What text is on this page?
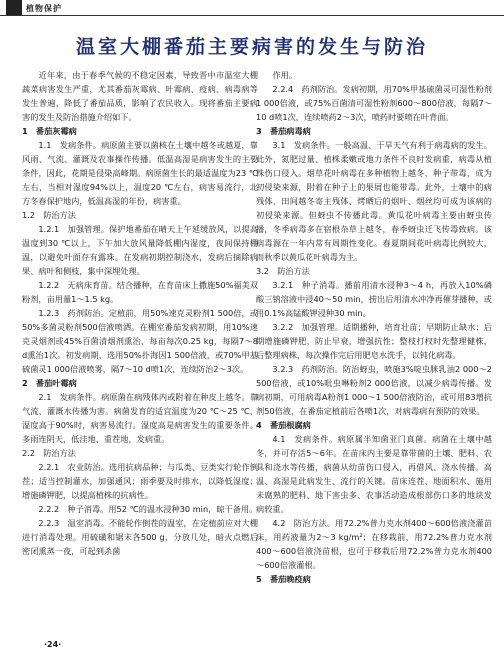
植物保护
温室大棚番茄主要病害的发生与防治

近年来，由于春季气候的不稳定因素，导致晋中市温室大棚蔬菜病害发生严重，尤其番茄灰霉病、叶霉病、疫病、病毒病等发生普遍，降低了番茄品质，影响了农民收入。现将番茄主要病害的发生及防治措施介绍如下。

1　番茄灰霉病

1.1　发病条件。病原菌主要以菌核在土壤中越冬或越夏，靠风雨、气流、灌溉及农事操作传播。低温高湿是病害发生的主要条件，因此，花期是侵染高峰期。病原菌生长的最适温度为23 ℃左右，当相对湿度94%以上，温度20 ℃左右，病害易流行，北方冬春保护地内，低温高湿的年份，病害重。

1.2　防治方法

1.2.1　加强管理。保护地番茄在晴天上午延缓放风，以提高温度到30 ℃以上，下午加大放风量降低棚内湿度，夜间保持棚温，以避免叶面存有露珠。在发病初期控制浇水，发病后摘除病果、病叶和侧枝，集中深埋处理。

1.2.2　无病床育苗。结合播种，在育苗床上撒施50%福美双粉剂，亩用量1～1.5 kg。

1.2.3　药剂防治。定植前，用50%速克灵粉剂1 500倍，或50%多菌灵粉剂500倍液喷洒。在棚室番茄发病初期，用10%速克灵烟剂或45%百菌清烟剂熏治，每亩每次0.25 kg，每隔7～8 d熏治1次。初发病期，选用50%扑海因1 500倍液，或70%甲基硫菌灵1 000倍液喷雾，隔7～10 d喷1次，连续防治2～3次。

2　番茄叶霉病

2.1　发病条件。病原菌在病残体内或附着在种皮上越冬。靠气流、灌溉水传播为害。病菌发育的适宜温度为20 ℃～25 ℃，湿度高于90%时，病害易流行。湿度高是病害发生的重要条件。多雨连阴天，低洼地、重茬地，发病重。

2.2　防治方法

2.2.1　农业防治。选用抗病品种；与瓜类、豆类实行轮作倒茬；适当控制灌水，加强通风；雨季要及时排水，以降低湿度；增施磷钾肥，以提高植株的抗病性。

2.2.2　种子消毒。用52 ℃的温水浸种30 min，晾干备用。

2.2.3　温室消毒。不能轮作倒茬的温室，在定植前应对大棚进行消毒处理。用硫磺和锯末各500 g，分放几处，暗火点燃后密闭熏蒸一夜，可起到杀菌

作用。

2.2.4　药剂防治。发病初期，用70%甲基硫菌灵可湿性粉剂1 000倍液，或75%百菌清可湿性粉剂600～800倍液，每隔7～10 d喷1次，连续喷药2～3次，喷药时要喷在叶背面。

3　番茄病毒病

3.1　发病条件。一般高温、干旱天气有利于病毒病的发生。此外，氮肥过量、植株柔嫩或地力条件不良时发病重，病毒从植株伤口侵入。烟草花叶病毒在多种植物上越冬，种子带毒，成为初侵染来源，附着在种子上的果屑也能带毒。此外，土壤中的病残体、田间越冬寄主残体、烤晒后的烟叶、烟丝均可成为该病的初侵染来源。但蚜虫不传播此毒。黄瓜花叶病毒主要由蚜虫传播，冬季病毒多在宿根杂草上越冬，春季蚜虫迁飞传毒致病。该病毒源在一年内常有周期性变化。春夏期间花叶病毒比例较大，而秋季以黄瓜花叶病毒为主。

3.2　防治方法

3.2.1　种子消毒。播前用清水浸种3～4 h，再放入10%磷酸三钠溶液中浸40～50 min，捞出后用清水冲净再催芽播种，或用0.1%高锰酸钾浸种30 min。

3.2.2　加强管理。适期播种，培育壮苗；早期防止缺水；后期增施磷钾肥，防止早衰，增强抗性；整枝打杈时先整理健株，后整理病株，每次操作完后用肥皂水洗手，以钝化病毒。

3.2.3　药剂防治。防治蚜虫，喷施3%啶虫脒乳油2 000～2 500倍液，或10%吡虫啉粉剂2 000倍液，以减少病毒传播。发病初期，可用病毒A粉剂1 000～1 500倍液防治，或可用83增抗剂50倍液，在番茄定植前后各喷1次，对病毒病有预防的效果。

4　番茄根腐病

4.1　发病条件。病原属半知菌亚门真菌。病菌在土壤中越冬，并可存活5～6年。在苗床内主要是靠带菌的土壤、肥料、农具和浇水等传播，病菌从幼苗伤口侵入，再借风、浇水传播。高温、高湿是此病发生、流行的关键。苗床连茬、地面积水、施用未腐熟的肥料、地下害虫多、农事活动造成根部伤口多的地块发病较重。

4.2　防治方法。用72.2%普力克水剂400～600倍液浇灌苗床，用药液量为2～3 kg/m²；在移栽前，用72.2%普力克水剂400～600倍液浇苗根，也可于移栽后用72.2%普力克水剂400～600倍液灌根。

5　番茄晚疫病

·24·
